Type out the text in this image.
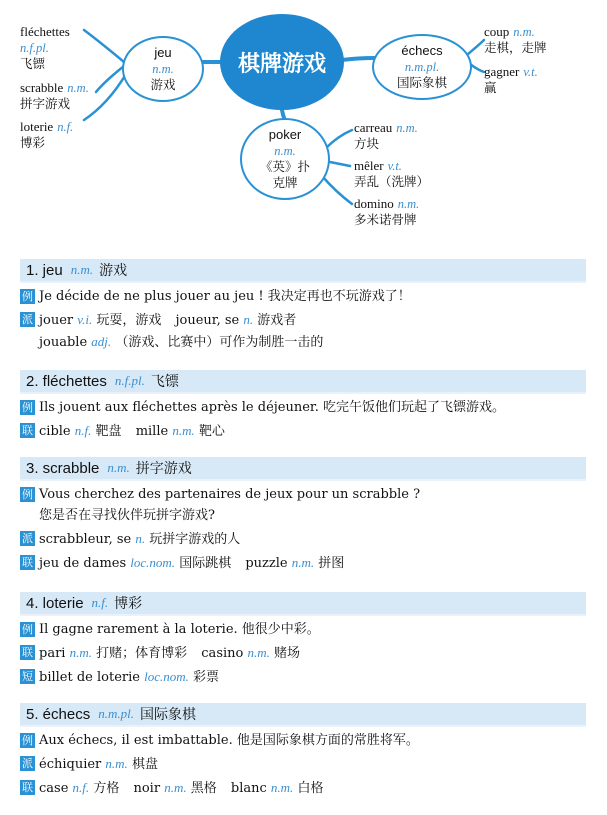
棋牌游戏
jeu
n.m.
游戏
échecs
n.m.pl.
国际象棋
poker
n.m.
《英》扑
克牌
fléchettes
n.f.pl.
飞镖
scrabble n.m.
拼字游戏
loterie n.f.
博彩
coup n.m.
走棋，走牌
gagner v.t.
赢
carreau n.m.
方块
mêler v.t.
弄乱（洗牌）
domino n.m.
多米诺骨牌
1. jeu n.m. 游戏
例 Je décide de ne plus jouer au jeu ! 我决定再也不玩游戏了！
派 jouer v.i. 玩耍，游戏 joueur, se n. 游戏者
jouable adj. （游戏、比赛中）可作为制胜一击的
2. fléchettes n.f.pl. 飞镖
例 Ils jouent aux fléchettes après le déjeuner. 吃完午饭他们玩起了飞镖游戏。
联 cible n.f. 靶盘 mille n.m. 靶心
3. scrabble n.m. 拼字游戏
例 Vous cherchez des partenaires de jeux pour un scrabble ?
您是否在寻找伙伴玩拼字游戏?
派 scrabbleur, se n. 玩拼字游戏的人
联 jeu de dames loc.nom. 国际跳棋 puzzle n.m. 拼图
4. loterie n.f. 博彩
例 Il gagne rarement à la loterie. 他很少中彩。
联 pari n.m. 打赌；体育博彩 casino n.m. 赌场
短 billet de loterie loc.nom. 彩票
5. échecs n.m.pl. 国际象棋
例 Aux échecs, il est imbattable. 他是国际象棋方面的常胜将军。
派 échiquier n.m. 棋盘
联 case n.f. 方格 noir n.m. 黑格 blanc n.m. 白格
